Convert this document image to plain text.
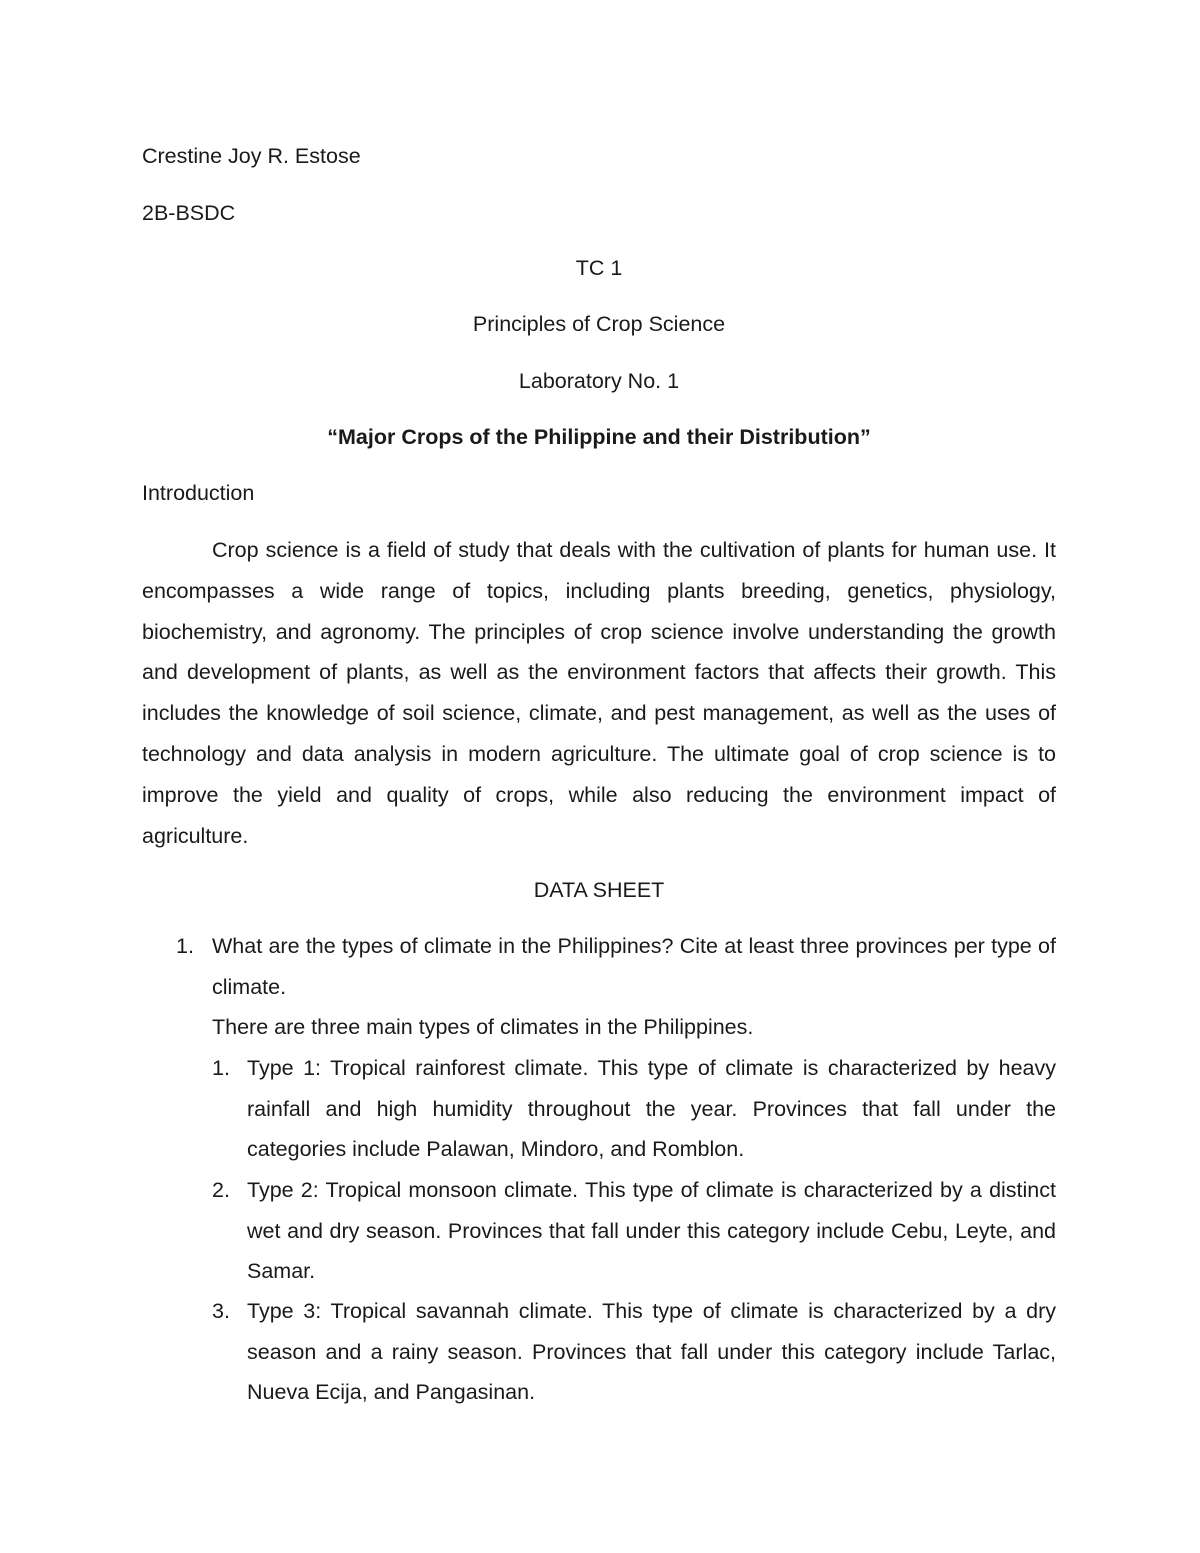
Crestine Joy R. Estose
2B-BSDC
TC 1
Principles of Crop Science
Laboratory No. 1
“Major Crops of the Philippine and their Distribution”
Introduction

Crop science is a field of study that deals with the cultivation of plants for human use. It encompasses a wide range of topics, including plants breeding, genetics, physiology, biochemistry, and agronomy. The principles of crop science involve understanding the growth and development of plants, as well as the environment factors that affects their growth. This includes the knowledge of soil science, climate, and pest management, as well as the uses of technology and data analysis in modern agriculture. The ultimate goal of crop science is to improve the yield and quality of crops, while also reducing the environment impact of agriculture.

DATA SHEET
1. What are the types of climate in the Philippines? Cite at least three provinces per type of climate.

There are three main types of climates in the Philippines.

1. Type 1: Tropical rainforest climate. This type of climate is characterized by heavy rainfall and high humidity throughout the year. Provinces that fall under the categories include Palawan, Mindoro, and Romblon.

2. Type 2: Tropical monsoon climate. This type of climate is characterized by a distinct wet and dry season. Provinces that fall under this category include Cebu, Leyte, and Samar.

3. Type 3: Tropical savannah climate. This type of climate is characterized by a dry season and a rainy season. Provinces that fall under this category include Tarlac, Nueva Ecija, and Pangasinan.
